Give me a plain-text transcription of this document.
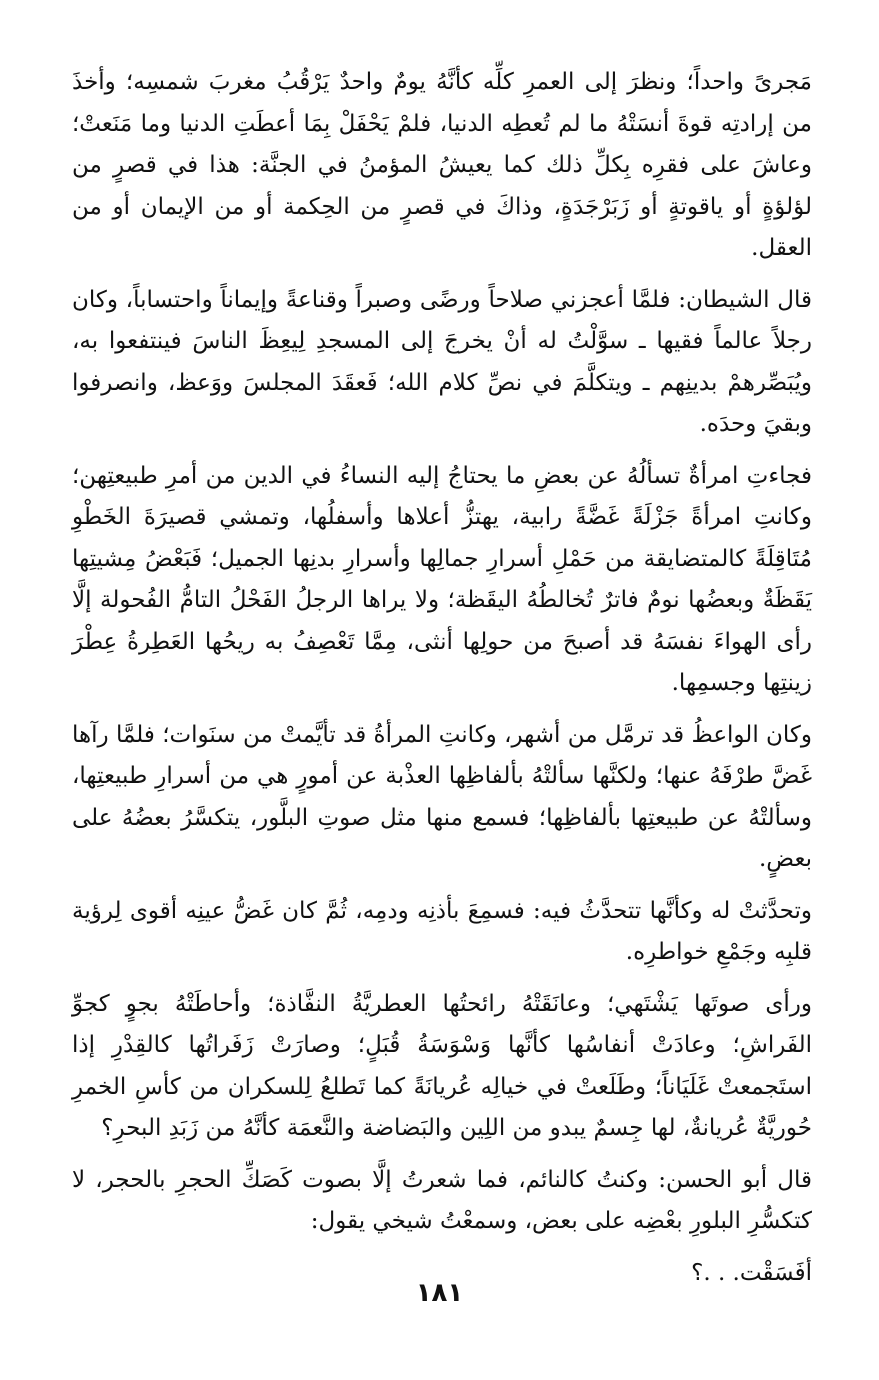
مَجرىً واحداً؛ ونظرَ إلى العمرِ كلِّه كأنَّهُ يومٌ واحدٌ يَرْقُبُ مغربَ شمسِه؛ وأخذَ من إرادتِه قوةَ أنسَتْهُ ما لم تُعطِه الدنيا، فلمْ يَحْفَلْ بِمَا أعطَتِ الدنيا وما مَنَعتْ؛ وعاشَ على فقرِه بِكلِّ ذلك كما يعيشُ المؤمنُ في الجنَّة: هذا في قصرٍ من لؤلؤةٍ أو ياقوتةٍ أو زَبَرْجَدَةٍ، وذاكَ في قصرٍ من الحِكمة أو من الإيمان أو من العقل.

قال الشيطان: فلمَّا أعجزني صلاحاً ورضًى وصبراً وقناعةً وإيماناً واحتساباً، وكان رجلاً عالماً فقيها ـ سوَّلْتُ له أنْ يخرجَ إلى المسجدِ لِيعِظَ الناسَ فينتفعوا به، ويُبَصِّرهمْ بدينِهم ـ ويتكلَّمَ في نصِّ كلام الله؛ فَعقَدَ المجلسَ ووَعظ، وانصرفوا وبقيَ وحدَه.

فجاءتِ امرأةٌ تسألُهُ عن بعضِ ما يحتاجُ إليه النساءُ في الدين من أمرِ طبيعتِهن؛ وكانتِ امرأةً جَزْلَةً غَضَّةً رابية، يهتزُّ أعلاها وأسفلُها، وتمشي قصيرَةَ الخَطْوِ مُتَاقِلَةً كالمتضايقة من حَمْلِ أسرارِ جمالِها وأسرارِ بدنِها الجميل؛ فَبَعْضُ مِشيتِها يَقَظَةٌ وبعضُها نومٌ فاترٌ تُخالطُهُ اليقَظة؛ ولا يراها الرجلُ الفَحْلُ التامُّ الفُحولة إلَّا رأى الهواءَ نفسَهُ قد أصبحَ من حولِها أنثى، مِمَّا تَعْصِفُ به ريحُها العَطِرةُ عِطْرَ زينتِها وجسمِها.

وكان الواعظُ قد ترمَّل من أشهر، وكانتِ المرأةُ قد تأيَّمتْ من سنَوات؛ فلمَّا رآها غَضَّ طرْفَهُ عنها؛ ولكنَّها سألتْهُ بألفاظِها العذْبة عن أمورٍ هي من أسرارِ طبيعتِها، وسألتْهُ عن طبيعتِها بألفاظِها؛ فسمع منها مثل صوتِ البلَّور، يتكسَّرُ بعضُهُ على بعضٍ.

وتحدَّثتْ له وكأنَّها تتحدَّثُ فيه: فسمِعَ بأذنِه ودمِه، ثُمَّ كان غَضُّ عينِه أقوى لِرؤية قلبِه وجَمْعِ خواطرِه.

ورأى صوتَها يَشْتَهي؛ وعانَقَتْهُ رائحتُها العطريَّةُ النفَّاذة؛ وأحاطَتْهُ بجوٍ كجوِّ الفَراشِ؛ وعادَتْ أنفاسُها كأنَّها وَسْوَسَةُ قُبَلٍ؛ وصارَتْ زَفَراتُها كالقِدْرِ إذا استَجمعتْ غَلَيَاناً؛ وطَلَعتْ في خيالِه عُريانَةً كما تَطلعُ لِلسكران من كأسِ الخمرِ حُوريَّةٌ عُريانةٌ، لها جِسمٌ يبدو من اللِين والبَضاضة والنَّعمَة كأنَّهُ من زَبَدِ البحرِ؟

قال أبو الحسن: وكنتُ كالنائم، فما شعرتُ إلَّا بصوت كَصَكِّ الحجرِ بالحجر، لا كتكسُّرِ البلورِ بعْضِه على بعض، وسمعْتُ شيخي يقول:

أفَسَقْت. . .؟

١٨١
